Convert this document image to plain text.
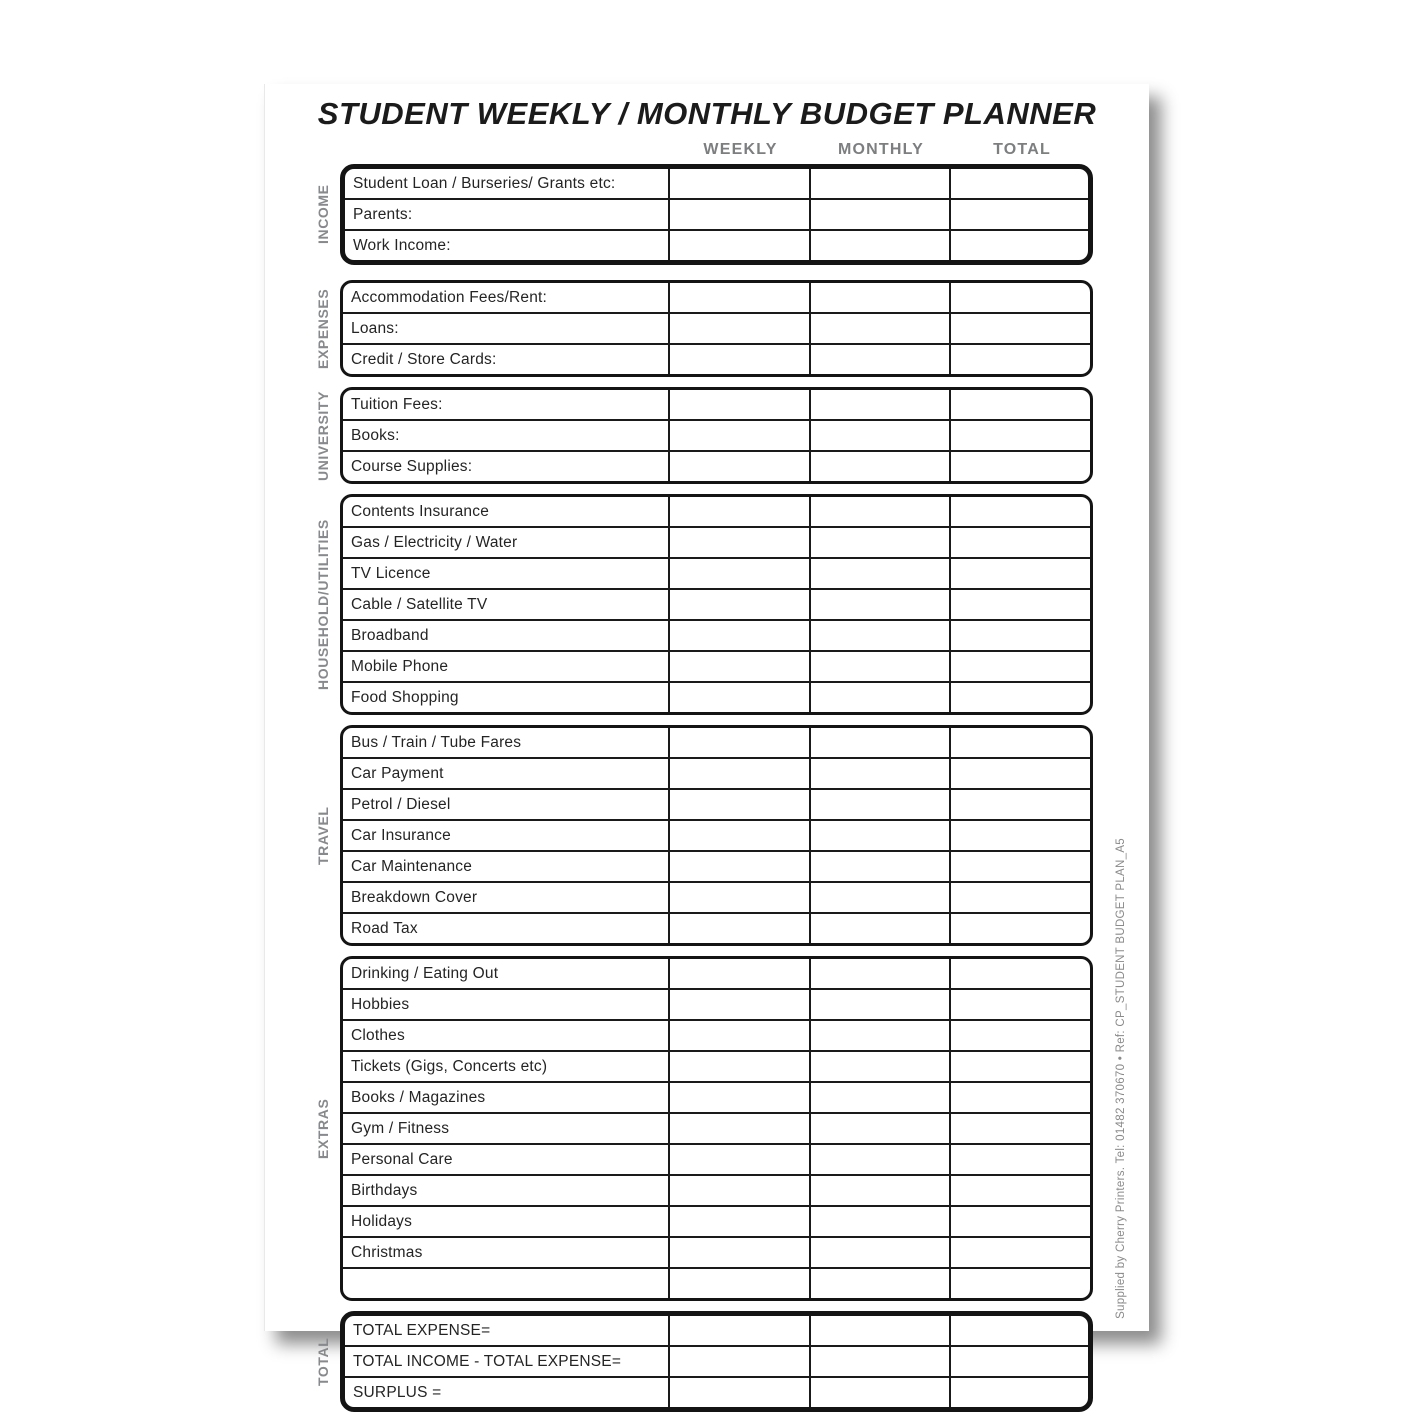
STUDENT WEEKLY / MONTHLY BUDGET PLANNER
WEEKLY	MONTHLY	TOTAL
INCOME
Student Loan / Burseries/ Grants etc:
Parents:
Work Income:
EXPENSES	Accommodation Fees/Rent:
Loans:
Credit / Store Cards:
UNIVERSITY	Tuition Fees:
Books:
Course Supplies:
HOUSEHOLD/UTILITIES
Contents Insurance
Gas / Electricity / Water
TV Licence
Cable / Satellite TV
Broadband
Mobile Phone
Food Shopping
TRAVEL
Bus / Train / Tube Fares
Car Payment
Petrol / Diesel
Car Insurance
Car Maintenance
Breakdown Cover
Road Tax
EXTRAS
Drinking / Eating Out
Hobbies
Clothes
Tickets (Gigs, Concerts etc)
Books / Magazines
Gym / Fitness
Personal Care
Birthdays
Holidays
Christmas
TOTAL
TOTAL EXPENSE=
TOTAL INCOME - TOTAL EXPENSE=
SURPLUS =
Supplied by Cherry Printers. Tel: 01482 370670 • Ref: CP_STUDENT BUDGET PLAN_A5
